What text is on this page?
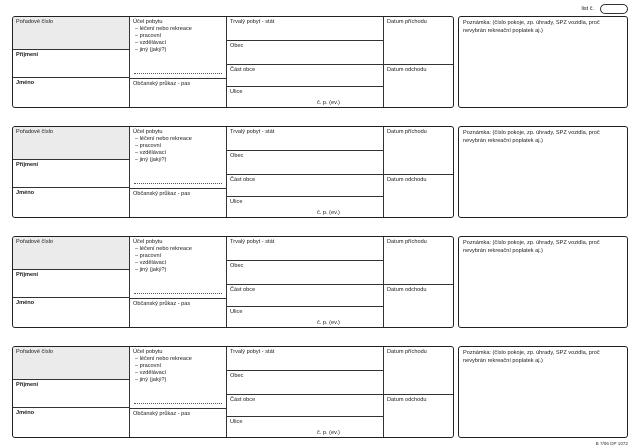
list č.
Pořadové číslo
Příjmení
Jméno
Účel pobytu
– léčení nebo rekreace
– pracovní
– vzdělávací
– jiný (jaký?)
Občanský průkaz - pas
Trvalý pobyt - stát
Obec
Část obce
Ulice
č. p. (ev.)
Datum příchodu
Datum odchodu
Poznámka: (číslo pokoje, zp. úhrady, SPZ vozidla, proč nevybrán rekreační poplatek aj.)
Pořadové číslo
Příjmení
Jméno
Účel pobytu
– léčení nebo rekreace
– pracovní
– vzdělávací
– jiný (jaký?)
Občanský průkaz - pas
Trvalý pobyt - stát
Obec
Část obce
Ulice
č. p. (ev.)
Datum příchodu
Datum odchodu
Poznámka: (číslo pokoje, zp. úhrady, SPZ vozidla, proč nevybrán rekreační poplatek aj.)
Pořadové číslo
Příjmení
Jméno
Účel pobytu
– léčení nebo rekreace
– pracovní
– vzdělávací
– jiný (jaký?)
Občanský průkaz - pas
Trvalý pobyt - stát
Obec
Část obce
Ulice
č. p. (ev.)
Datum příchodu
Datum odchodu
Poznámka: (číslo pokoje, zp. úhrady, SPZ vozidla, proč nevybrán rekreační poplatek aj.)
Pořadové číslo
Příjmení
Jméno
Účel pobytu
– léčení nebo rekreace
– pracovní
– vzdělávací
– jiný (jaký?)
Občanský průkaz - pas
Trvalý pobyt - stát
Obec
Část obce
Ulice
č. p. (ev.)
Datum příchodu
Datum odchodu
Poznámka: (číslo pokoje, zp. úhrady, SPZ vozidla, proč nevybrán rekreační poplatek aj.)
B 7/06 DP 1072
